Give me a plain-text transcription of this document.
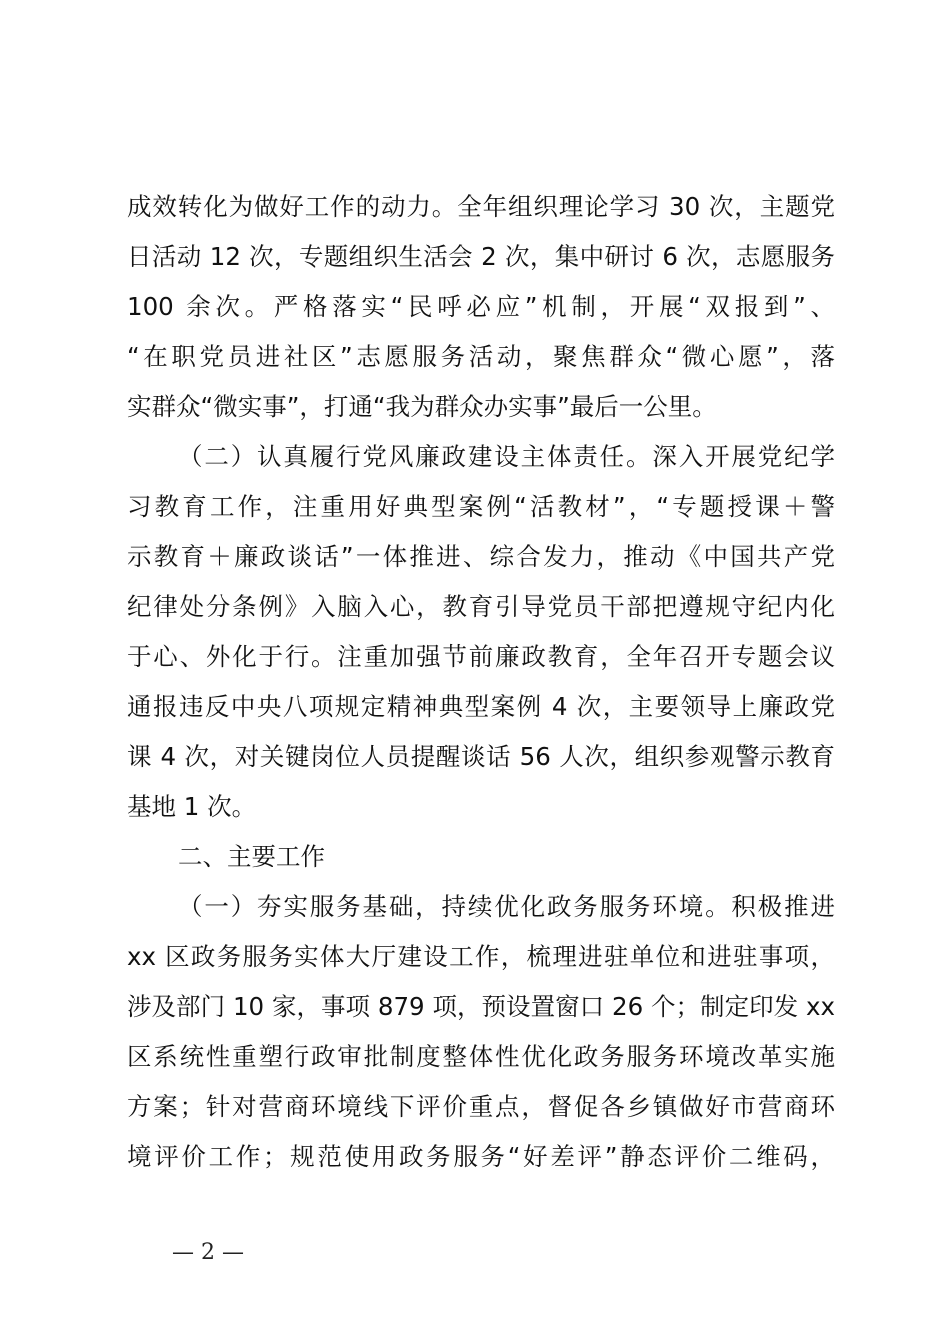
成效转化为做好工作的动力。全年组织理论学习 30 次，主题党
日活动 12 次，专题组织生活会 2 次，集中研讨 6 次，志愿服务
100 余次。严格落实“民呼必应”机制，开展“双报到”、
“在职党员进社区”志愿服务活动，聚焦群众“微心愿”，落
实群众“微实事”，打通“我为群众办实事”最后一公里。
（二）认真履行党风廉政建设主体责任。深入开展党纪学
习教育工作，注重用好典型案例“活教材”，“专题授课＋警
示教育＋廉政谈话”一体推进、综合发力，推动《中国共产党
纪律处分条例》入脑入心，教育引导党员干部把遵规守纪内化
于心、外化于行。注重加强节前廉政教育，全年召开专题会议
通报违反中央八项规定精神典型案例 4 次，主要领导上廉政党
课 4 次，对关键岗位人员提醒谈话 56 人次，组织参观警示教育
基地 1 次。
二、主要工作
（一）夯实服务基础，持续优化政务服务环境。积极推进
xx 区政务服务实体大厅建设工作，梳理进驻单位和进驻事项，
涉及部门 10 家，事项 879 项，预设置窗口 26 个；制定印发 xx
区系统性重塑行政审批制度整体性优化政务服务环境改革实施
方案；针对营商环境线下评价重点，督促各乡镇做好市营商环
境评价工作；规范使用政务服务“好差评”静态评价二维码，
— 2 —
